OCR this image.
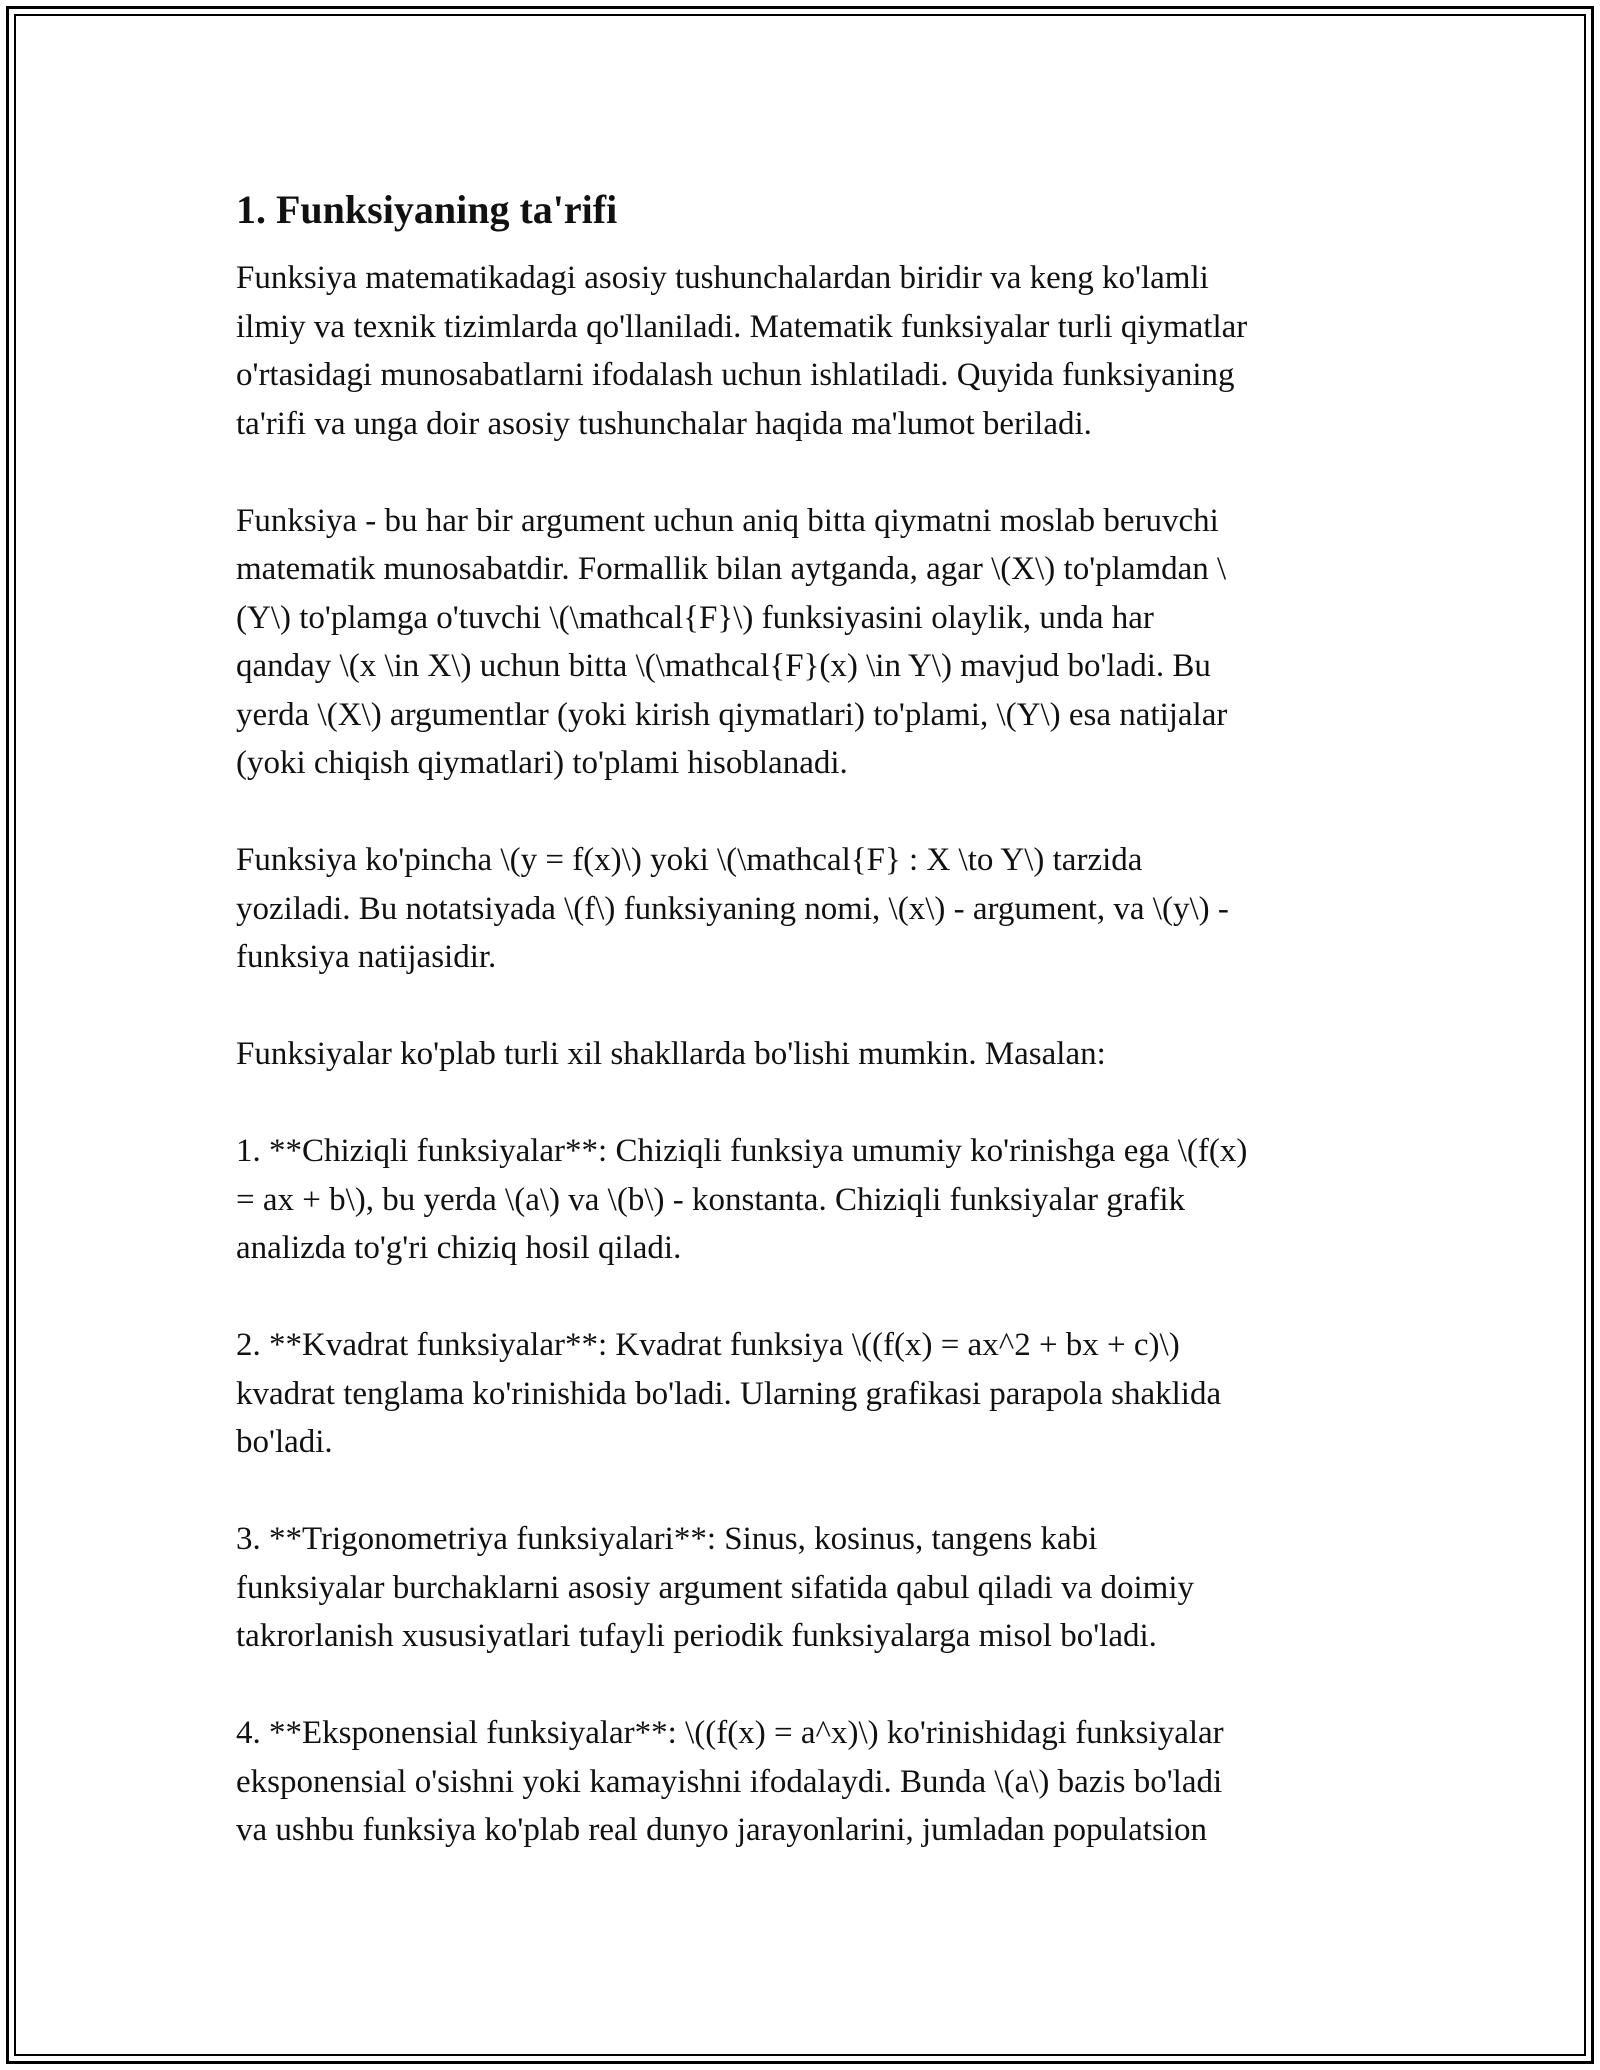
1. Funksiyaning ta'rifi

Funksiya matematikadagi asosiy tushunchalardan biridir va keng ko'lamli
ilmiy va texnik tizimlarda qo'llaniladi. Matematik funksiyalar turli qiymatlar
o'rtasidagi munosabatlarni ifodalash uchun ishlatiladi. Quyida funksiyaning
ta'rifi va unga doir asosiy tushunchalar haqida ma'lumot beriladi.

Funksiya - bu har bir argument uchun aniq bitta qiymatni moslab beruvchi
matematik munosabatdir. Formallik bilan aytganda, agar \(X\) to'plamdan \
(Y\) to'plamga o'tuvchi \(\mathcal{F}\) funksiyasini olaylik, unda har
qanday \(x \in X\) uchun bitta \(\mathcal{F}(x) \in Y\) mavjud bo'ladi. Bu
yerda \(X\) argumentlar (yoki kirish qiymatlari) to'plami, \(Y\) esa natijalar
(yoki chiqish qiymatlari) to'plami hisoblanadi.

Funksiya ko'pincha \(y = f(x)\) yoki \(\mathcal{F} : X \to Y\) tarzida
yoziladi. Bu notatsiyada \(f\) funksiyaning nomi, \(x\) - argument, va \(y\) -
funksiya natijasidir.

Funksiyalar ko'plab turli xil shakllarda bo'lishi mumkin. Masalan:

1. **Chiziqli funksiyalar**: Chiziqli funksiya umumiy ko'rinishga ega \(f(x)
= ax + b\), bu yerda \(a\) va \(b\) - konstanta. Chiziqli funksiyalar grafik
analizda to'g'ri chiziq hosil qiladi.

2. **Kvadrat funksiyalar**: Kvadrat funksiya \((f(x) = ax^2 + bx + c)\)
kvadrat tenglama ko'rinishida bo'ladi. Ularning grafikasi parapola shaklida
bo'ladi.

3. **Trigonometriya funksiyalari**: Sinus, kosinus, tangens kabi
funksiyalar burchaklarni asosiy argument sifatida qabul qiladi va doimiy
takrorlanish xususiyatlari tufayli periodik funksiyalarga misol bo'ladi.

4. **Eksponensial funksiyalar**: \((f(x) = a^x)\) ko'rinishidagi funksiyalar
eksponensial o'sishni yoki kamayishni ifodalaydi. Bunda \(a\) bazis bo'ladi
va ushbu funksiya ko'plab real dunyo jarayonlarini, jumladan populatsion
